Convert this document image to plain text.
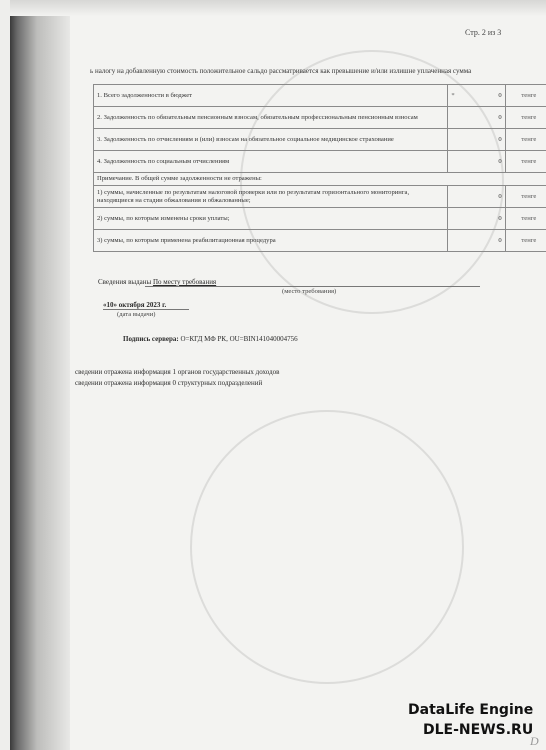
Стр. 2 из 3
ь налогу на добавленную стоимость положительное сальдо рассматривается как превышение и/или излишне уплаченная сумма
1. Всего задолженности в бюджет	* 0	тенге
2. Задолженность по обязательным пенсионным взносам, обязательным профессиональным пенсионным взносам	0	тенге
3. Задолженность по отчислениям и (или) взносам на обязательное социальное медицинское страхование	0	тенге
4. Задолженность по социальным отчислениям	0	тенге
Примечание. В общей сумме задолженности не отражены:		
1) суммы, начисленные по результатам налоговой проверки или по результатам горизонтального мониторинга, находящиеся на стадии обжалования и обжалованные;	0	тенге
2) суммы, по которым изменены сроки уплаты;	0	тенге
3) суммы, по которым применена реабилитационная процедура	0	тенге
Сведения выданы По месту требования
(место требования)
«10» октября 2023 г.
(дата выдачи)
Подпись сервера: O=КГД МФ РК, OU=BIN141040004756
сведении отражена информация 1 органов государственных доходов
сведении отражена информация 0 структурных подразделений
DataLife Engine
DLE-NEWS.RU
D
